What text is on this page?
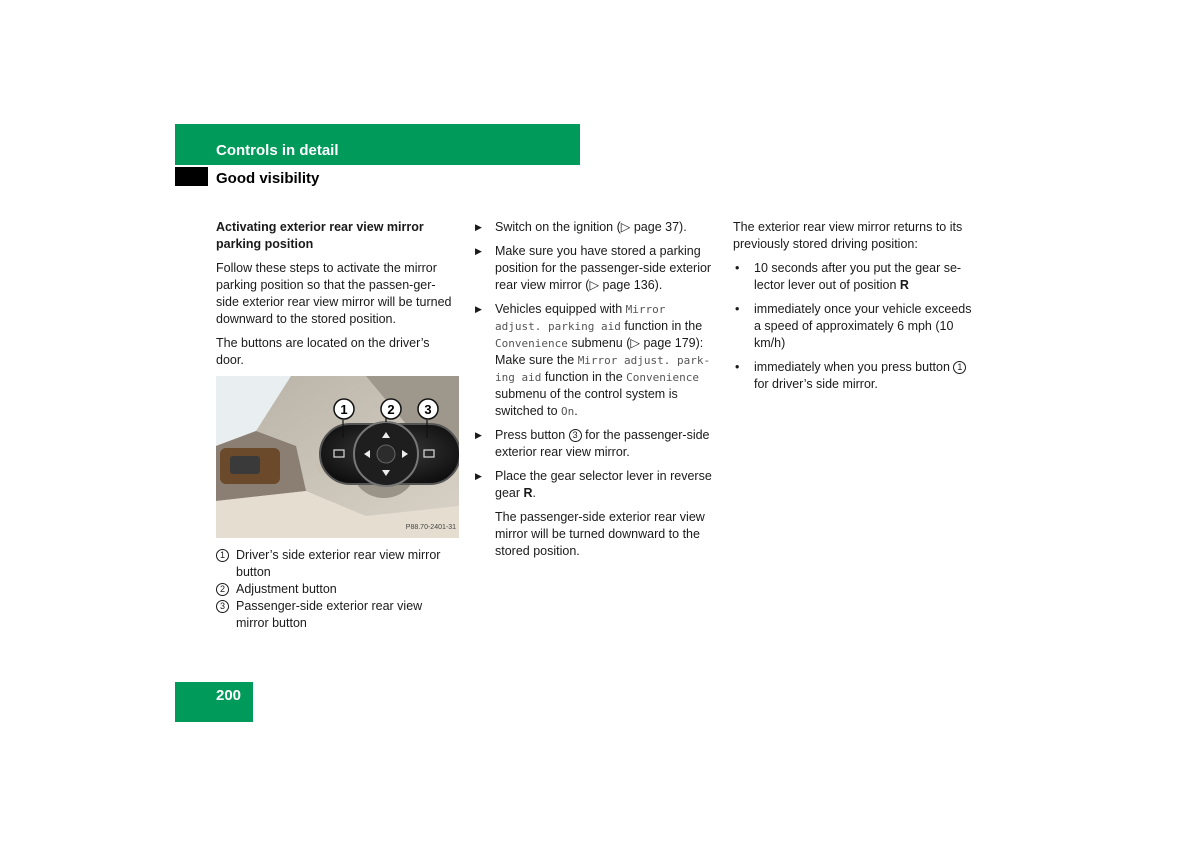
Controls in detail
Good visibility

Activating exterior rear view mirror parking position

Follow these steps to activate the mirror parking position so that the passen-ger-side exterior rear view mirror will be turned downward to the stored position.

The buttons are located on the driver’s door.

1	2 3
P88.70-2401-31
1 Driver’s side exterior rear view mirror button
2 Adjustment button
3 Passenger-side exterior rear view mirror button
▶ Switch on the ignition (▷ page 37).
▶ Make sure you have stored a parking position for the passenger-side exterior rear view mirror (▷ page 136).
▶ Vehicles equipped with Mirror adjust. parking aid function in the Convenience submenu (▷ page 179): Make sure the Mirror adjust. park-ing aid function in the Convenience submenu of the control system is switched to On.
▶ Press button 3 for the passenger-side exterior rear view mirror.
▶ Place the gear selector lever in reverse gear R.

The passenger-side exterior rear view mirror will be turned downward to the stored position.

The exterior rear view mirror returns to its previously stored driving position:

• 10 seconds after you put the gear se-lector lever out of position R
• immediately once your vehicle exceeds a speed of approximately 6 mph (10 km/h)
• immediately when you press button 1 for driver’s side mirror.
200
